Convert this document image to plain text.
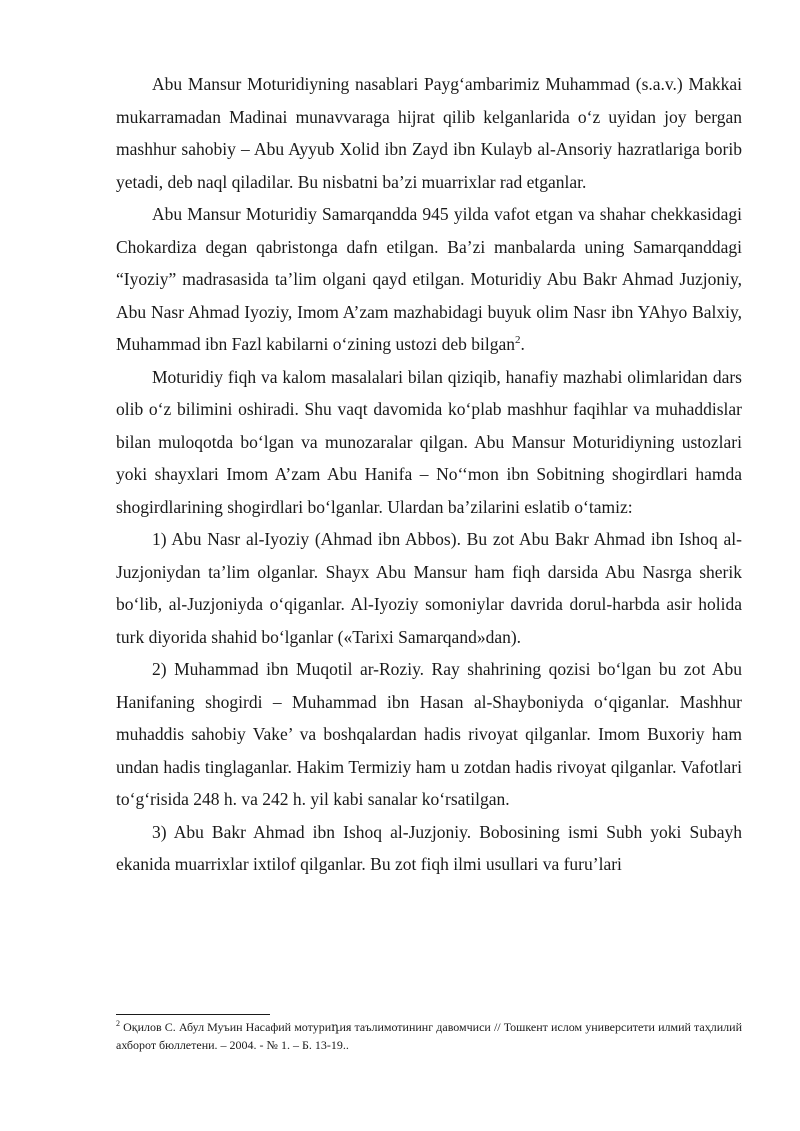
Abu Mansur Moturidiyning nasablari Payg‘ambarimiz Muhammad (s.a.v.) Makkai mukarramadan Madinai munavvaraga hijrat qilib kelganlarida o‘z uyidan joy bergan mashhur sahobiy – Abu Ayyub Xolid ibn Zayd ibn Kulayb al-Ansoriy hazratlariga borib yetadi, deb naql qiladilar. Bu nisbatni ba’zi muarrixlar rad etganlar.

Abu Mansur Moturidiy Samarqandda 945 yilda vafot etgan va shahar chekkasidagi Chokardiza degan qabristonga dafn etilgan. Ba’zi manbalarda uning Samarqanddagi “Iyoziy” madrasasida ta’lim olgani qayd etilgan. Moturidiy Abu Bakr Ahmad Juzjoniy, Abu Nasr Ahmad Iyoziy, Imom A’zam mazhabidagi buyuk olim Nasr ibn YAhyo Balxiy, Muhammad ibn Fazl kabilarni o‘zining ustozi deb bilgan$^2$.

Moturidiy fiqh va kalom masalalari bilan qiziqib, hanafiy mazhabi olimlaridan dars olib o‘z bilimini oshiradi. Shu vaqt davomida ko‘plab mashhur faqihlar va muhaddislar bilan muloqotda bo‘lgan va munozaralar qilgan. Abu Mansur Moturidiyning ustozlari yoki shayxlari Imom A’zam Abu Hanifa – No‘‘mon ibn Sobitning shogirdlari hamda shogirdlarining shogirdlari bo‘lganlar. Ulardan ba’zilarini eslatib o‘tamiz:

1) Abu Nasr al-Iyoziy (Ahmad ibn Abbos). Bu zot Abu Bakr Ahmad ibn Ishoq al-Juzjoniydan ta’lim olganlar. Shayx Abu Mansur ham fiqh darsida Abu Nasrga sherik bo‘lib, al-Juzjoniyda o‘qiganlar. Al-Iyoziy somoniylar davrida dorul-harbda asir holida turk diyorida shahid bo‘lganlar («Tarixi Samarqand»dan).

2) Muhammad ibn Muqotil ar-Roziy. Ray shahrining qozisi bo‘lgan bu zot Abu Hanifaning shogirdi – Muhammad ibn Hasan al-Shayboniyda o‘qiganlar. Mashhur muhaddis sahobiy Vake’ va boshqalardan hadis rivoyat qilganlar. Imom Buxoriy ham undan hadis tinglaganlar. Hakim Termiziy ham u zotdan hadis rivoyat qilganlar. Vafotlari to‘g‘risida 248 h. va 242 h. yil kabi sanalar ko‘rsatilgan.

3) Abu Bakr Ahmad ibn Ishoq al-Juzjoniy. Bobosining ismi Subh yoki Subayh ekanida muarrixlar ixtilof qilganlar. Bu zot fiqh ilmi usullari va furu’lari

$^2$ Оқилов С. Абул Муъин Насафий мотуриդия таълимотининг давомчиси // Тошкент ислом университети илмий таҳлилий ахборот бюллетени. – 2004. - № 1. – Б. 13-19..
